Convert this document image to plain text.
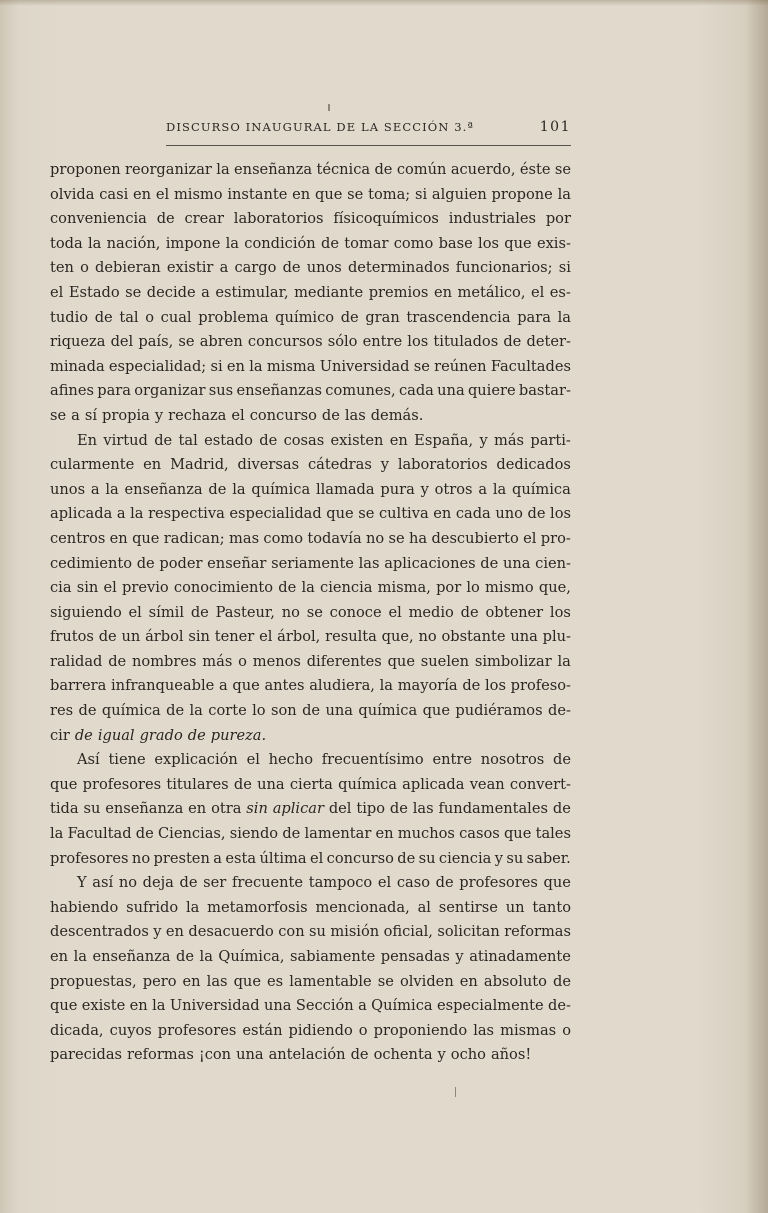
DISCURSO INAUGURAL DE LA SECCIÓN 3.ª	101
proponen reorganizar la enseñanza técnica de común acuerdo, éste se
olvida casi en el mismo instante en que se toma; si alguien propone la
conveniencia de crear laboratorios físicoquímicos industriales por
toda la nación, impone la condición de tomar como base los que exis-
ten o debieran existir a cargo de unos determinados funcionarios; si
el Estado se decide a estimular, mediante premios en metálico, el es-
tudio de tal o cual problema químico de gran trascendencia para la
riqueza del país, se abren concursos sólo entre los titulados de deter-
minada especialidad; si en la misma Universidad se reúnen Facultades
afines para organizar sus enseñanzas comunes, cada una quiere bastar-
se a sí propia y rechaza el concurso de las demás.
En virtud de tal estado de cosas existen en España, y más parti-
cularmente en Madrid, diversas cátedras y laboratorios dedicados
unos a la enseñanza de la química llamada pura y otros a la química
aplicada a la respectiva especialidad que se cultiva en cada uno de los
centros en que radican; mas como todavía no se ha descubierto el pro-
cedimiento de poder enseñar seriamente las aplicaciones de una cien-
cia sin el previo conocimiento de la ciencia misma, por lo mismo que,
siguiendo el símil de Pasteur, no se conoce el medio de obtener los
frutos de un árbol sin tener el árbol, resulta que, no obstante una plu-
ralidad de nombres más o menos diferentes que suelen simbolizar la
barrera infranqueable a que antes aludiera, la mayoría de los profeso-
res de química de la corte lo son de una química que pudiéramos de-
cir de igual grado de pureza.
Así tiene explicación el hecho frecuentísimo entre nosotros de
que profesores titulares de una cierta química aplicada vean convert-
tida su enseñanza en otra sin aplicar del tipo de las fundamentales de
la Facultad de Ciencias, siendo de lamentar en muchos casos que tales
profesores no presten a esta última el concurso de su ciencia y su saber.
Y así no deja de ser frecuente tampoco el caso de profesores que
habiendo sufrido la metamorfosis mencionada, al sentirse un tanto
descentrados y en desacuerdo con su misión oficial, solicitan reformas
en la enseñanza de la Química, sabiamente pensadas y atinadamente
propuestas, pero en las que es lamentable se olviden en absoluto de
que existe en la Universidad una Sección a Química especialmente de-
dicada, cuyos profesores están pidiendo o proponiendo las mismas o
parecidas reformas ¡con una antelación de ochenta y ocho años!
